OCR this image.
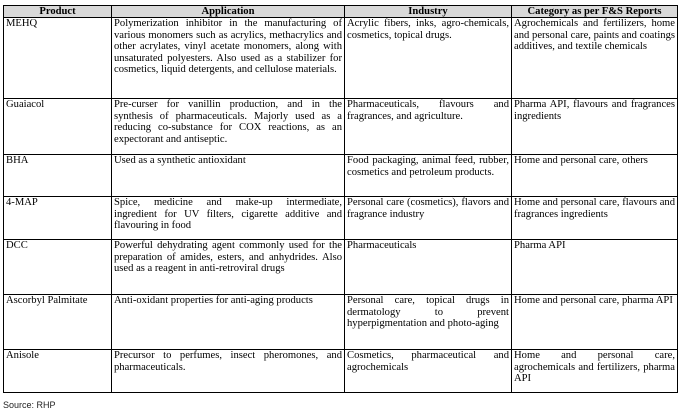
Product	Application	Industry	Category as per F&S Reports
MEHQ	Polymerization inhibitor in the manufacturing of various monomers such as acrylics, methacrylics and other acrylates, vinyl acetate monomers, along with unsaturated polyesters. Also used as a stabilizer for cosmetics, liquid detergents, and cellulose materials.	Acrylic fibers, inks, agro-chemicals, cosmetics, topical drugs.	Agrochemicals and fertilizers, home and personal care, paints and coatings additives, and textile chemicals
Guaiacol	Pre-curser for vanillin production, and in the synthesis of pharmaceuticals. Majorly used as a reducing co-substance for COX reactions, as an expectorant and antiseptic.	Pharmaceuticals, flavours and fragrances, and agriculture.	Pharma API, flavours and fragrances ingredients
BHA	Used as a synthetic antioxidant	Food packaging, animal feed, rubber, cosmetics and petroleum products.	Home and personal care, others
4-MAP	Spice, medicine and make-up intermediate, ingredient for UV filters, cigarette additive and flavouring in food	Personal care (cosmetics), flavors and fragrance industry	Home and personal care, flavours and fragrances ingredients
DCC	Powerful dehydrating agent commonly used for the preparation of amides, esters, and anhydrides. Also used as a reagent in anti-retroviral drugs	Pharmaceuticals	Pharma API
Ascorbyl Palmitate	Anti-oxidant properties for anti-aging products	Personal care, topical drugs in dermatology to prevent hyperpigmentation and photo-aging	Home and personal care, pharma API
Anisole	Precursor to perfumes, insect pheromones, and pharmaceuticals.	Cosmetics, pharmaceutical and agrochemicals	Home and personal care, agrochemicals and fertilizers, pharma API
Source: RHP
